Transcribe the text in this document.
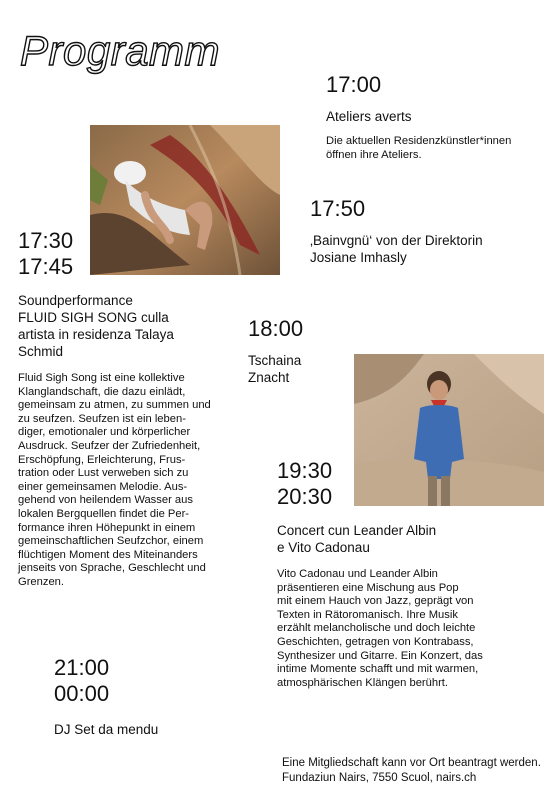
Programm

17:00

Ateliers averts

Die aktuellen Residenzkünstler*innen

öffnen ihre Ateliers.

17:50

‚Bainvgnü‘ von der Direktorin

Josiane Imhasly

17:30

17:45

Soundperformance

FLUID SIGH SONG culla

artista in residenza Talaya

Schmid

Fluid Sigh Song ist eine kollektive

Klanglandschaft, die dazu einlädt,

gemeinsam zu atmen, zu summen und

zu seufzen. Seufzen ist ein leben-

diger, emotionaler und körperlicher

Ausdruck. Seufzer der Zufriedenheit,

Erschöpfung, Erleichterung, Frus-

tration oder Lust verweben sich zu

einer gemeinsamen Melodie. Aus-

gehend von heilendem Wasser aus

lokalen Bergquellen findet die Per-

formance ihren Höhepunkt in einem

gemeinschaftlichen Seufzchor, einem

flüchtigen Moment des Miteinanders

jenseits von Sprache, Geschlecht und

Grenzen.

18:00

Tschaina

Znacht

19:30

20:30

Concert cun Leander Albin

e Vito Cadonau

Vito Cadonau und Leander Albin

präsentieren eine Mischung aus Pop

mit einem Hauch von Jazz, geprägt von

Texten in Rätoromanisch. Ihre Musik

erzählt melancholische und doch leichte

Geschichten, getragen von Kontrabass,

Synthesizer und Gitarre. Ein Konzert, das

intime Momente schafft und mit warmen,

atmosphärischen Klängen berührt.

21:00

00:00

DJ Set da mendu

Eine Mitgliedschaft kann vor Ort beantragt werden.
Fundaziun Nairs, 7550 Scuol, nairs.ch
